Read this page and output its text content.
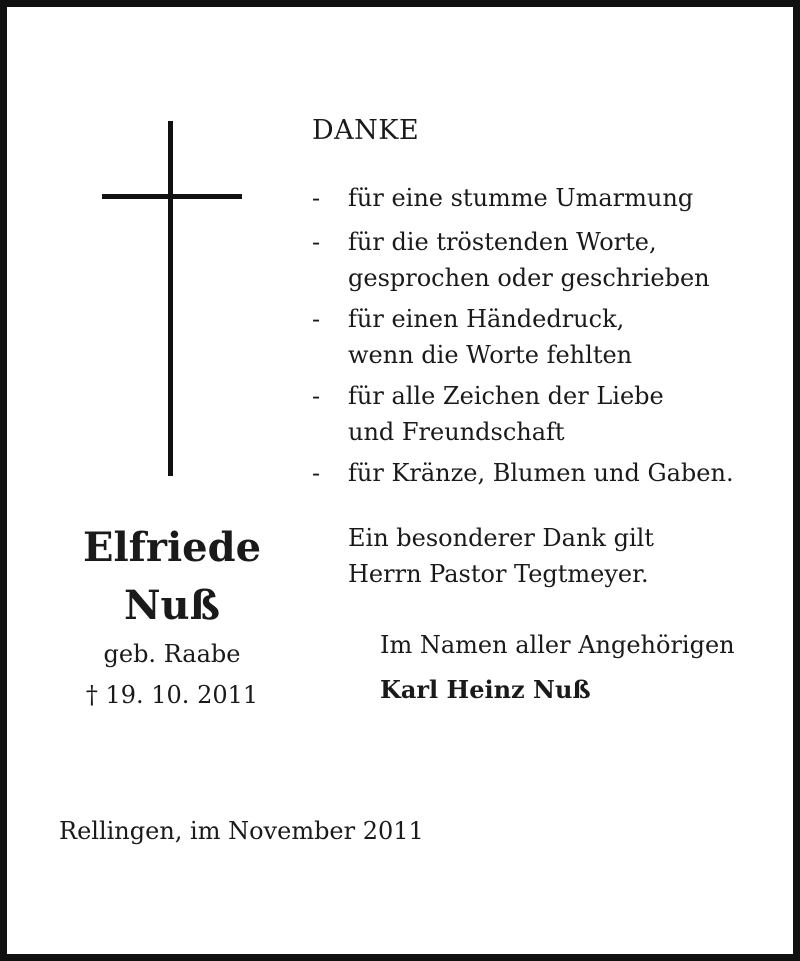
DANKE
- für eine stumme Umarmung
- für die tröstenden Worte,
gesprochen oder geschrieben
- für einen Händedruck,
wenn die Worte fehlten
- für alle Zeichen der Liebe
und Freundschaft
- für Kränze, Blumen und Gaben.
Ein besonderer Dank gilt
Herrn Pastor Tegtmeyer.
Elfriede
Nuß
geb. Raabe
† 19. 10. 2011
Im Namen aller Angehörigen
Karl Heinz Nuß
Rellingen, im November 2011
